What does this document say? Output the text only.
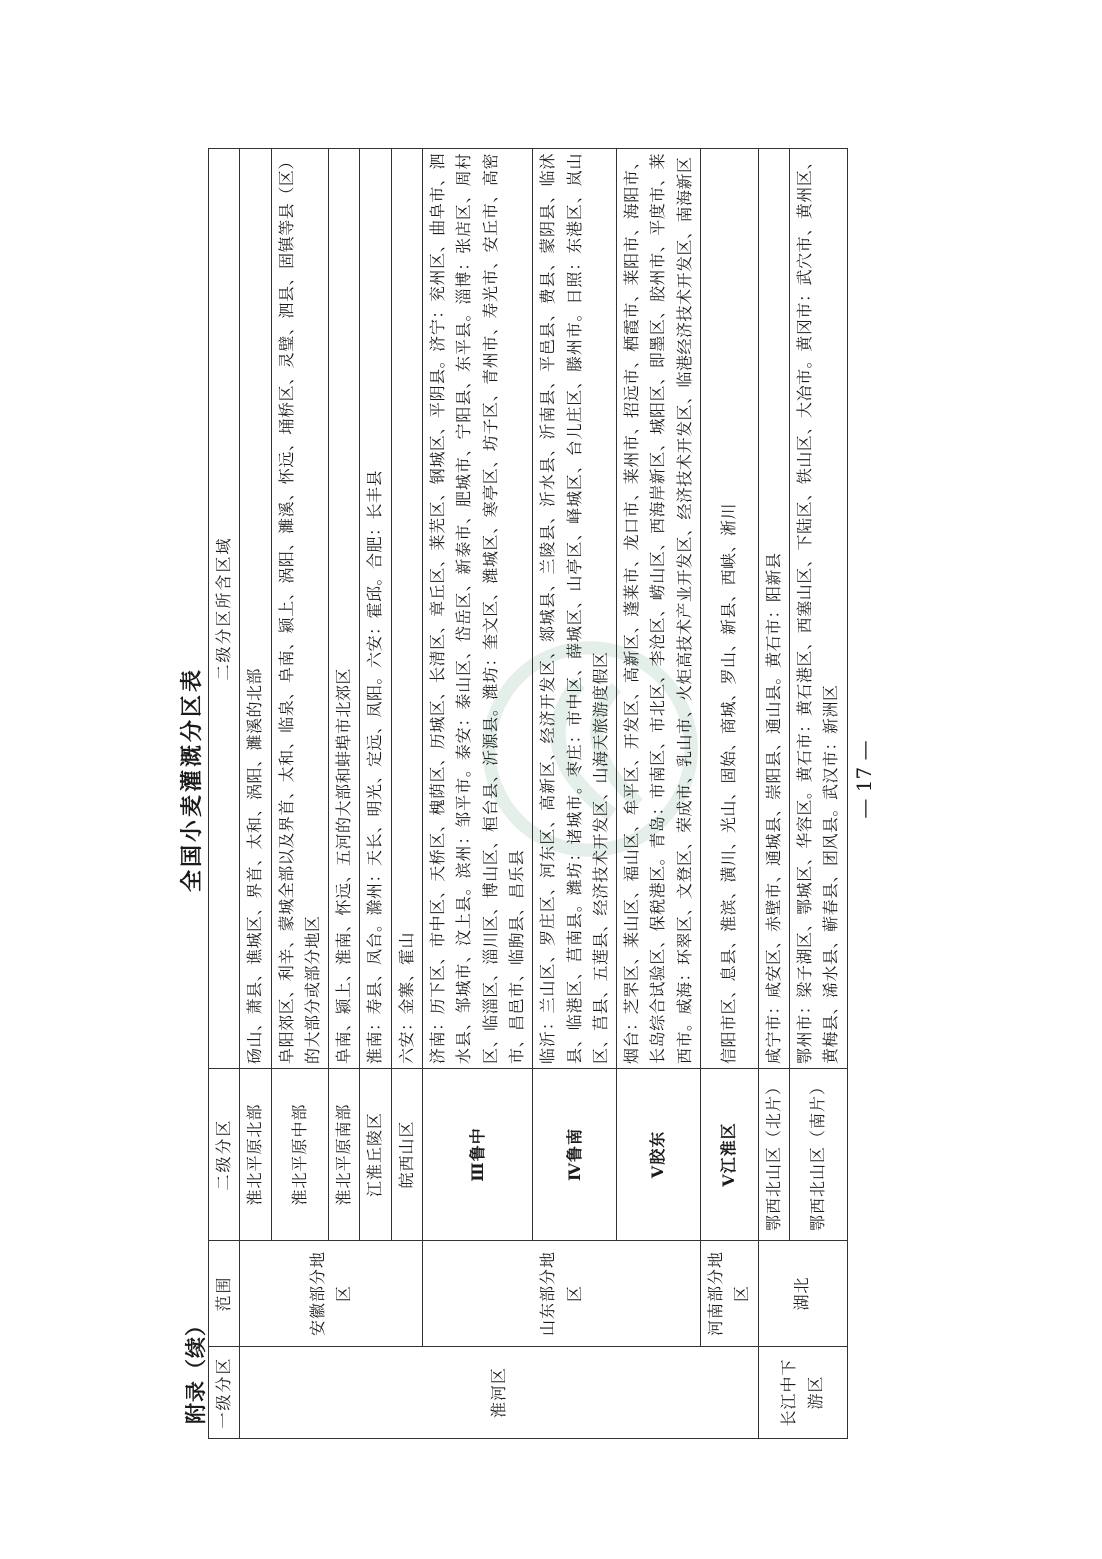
附录（续）
全国小麦灌溉分区表
一级分区	范围	二级分区	二级分区所含区域
淮河区	安徽部分地区	淮北平原北部	砀山、萧县、谯城区、界首、太和、涡阳、濉溪的北部
		淮北平原中部	阜阳郊区、利辛、蒙城全部以及界首、太和、临泉、阜南、颍上、涡阳、濉溪、怀远、埇桥区、灵璧、泗县、固镇等县（区）的大部分或部分地区
		淮北平原南部	阜南、颍上、淮南、怀远、五河的大部和蚌埠市北郊区
		江淮丘陵区	淮南：寿县、凤台。滁州：天长、明光、定远、凤阳。六安：霍邱。合肥：长丰县
		皖西山区	六安：金寨、霍山
	山东部分地区	Ⅲ鲁中	济南：历下区、市中区、天桥区、槐荫区、历城区、长清区、章丘区、莱芜区、钢城区、平阴县。济宁：兖州区、曲阜市、泗水县、邹城市、汶上县。滨州：邹平市。泰安：泰山区、岱岳区、新泰市、肥城市、宁阳县、东平县。淄博：张店区、周村区、临淄区、淄川区、博山区、桓台县、沂源县。潍坊：奎文区、潍城区、寒亭区、坊子区、青州市、寿光市、安丘市、高密市、昌邑市、临朐县、昌乐县
		Ⅳ鲁南	临沂：兰山区、罗庄区、河东区、高新区、经济开发区、郯城县、兰陵县、沂水县、沂南县、平邑县、费县、蒙阴县、临沭县、临港区、莒南县。潍坊：诸城市。枣庄：市中区、薛城区、山亭区、峄城区、台儿庄区、滕州市。日照：东港区、岚山区、莒县、五莲县、经济技术开发区、山海天旅游度假区
		Ⅴ胶东	烟台：芝罘区、莱山区、福山区、牟平区、开发区、高新区、蓬莱市、龙口市、莱州市、招远市、栖霞市、莱阳市、海阳市、长岛综合试验区、保税港区。青岛：市南区、市北区、李沧区、崂山区、西海岸新区、城阳区、即墨区、胶州市、平度市、莱西市。威海：环翠区、文登区、荣成市、乳山市、火炬高技术产业开发区、经济技术开发区、临港经济技术开发区、南海新区
	河南部分地区	Ⅴ江淮区	信阳市区、息县、淮滨、潢川、光山、固始、商城、罗山、新县、西峡、淅川
长江中下游区	湖北	鄂西北山区（北片）	咸宁市：咸安区、赤壁市、通城县、崇阳县、通山县。黄石市：阳新县
		鄂西北山区（南片）	鄂州市：梁子湖区、鄂城区、华容区。黄石市：黄石港区、西塞山区、下陆区、铁山区、大冶市。黄冈市：武穴市、黄州区、黄梅县、浠水县、蕲春县、团风县。武汉市：新洲区 — 17 —
